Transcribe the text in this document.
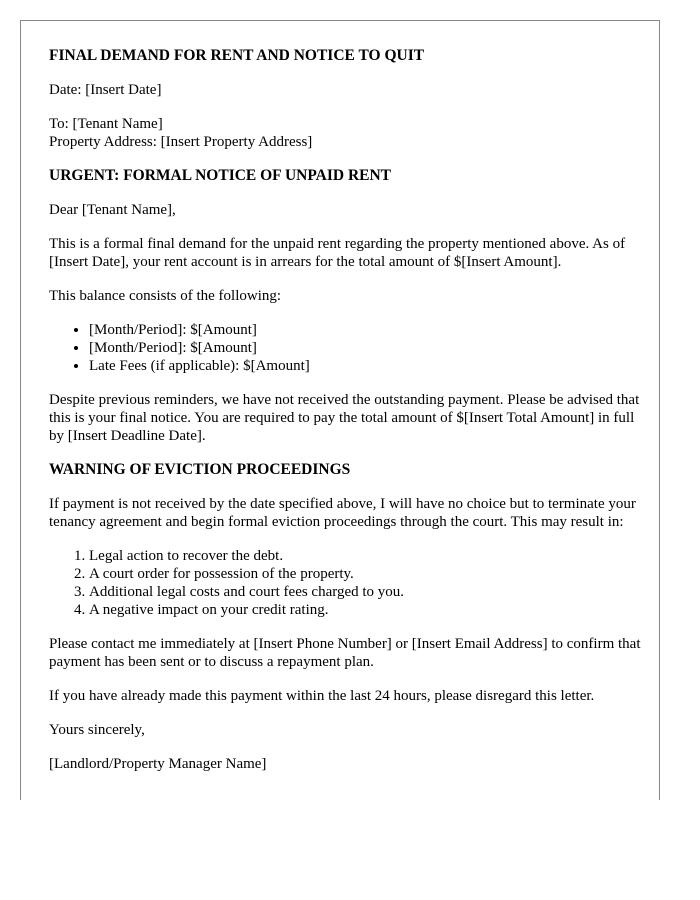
FINAL DEMAND FOR RENT AND NOTICE TO QUIT

Date: [Insert Date]

To: [Tenant Name]

Property Address: [Insert Property Address]

URGENT: FORMAL NOTICE OF UNPAID RENT

Dear [Tenant Name],

This is a formal final demand for the unpaid rent regarding the property mentioned above. As of [Insert Date], your rent account is in arrears for the total amount of $[Insert Amount].

This balance consists of the following:

• [Month/Period]: $[Amount]
• [Month/Period]: $[Amount]
• Late Fees (if applicable): $[Amount]

Despite previous reminders, we have not received the outstanding payment. Please be advised that this is your final notice. You are required to pay the total amount of $[Insert Total Amount] in full by [Insert Deadline Date].

WARNING OF EVICTION PROCEEDINGS

If payment is not received by the date specified above, I will have no choice but to terminate your tenancy agreement and begin formal eviction proceedings through the court. This may result in:

1. Legal action to recover the debt.
2. A court order for possession of the property.
3. Additional legal costs and court fees charged to you.
4. A negative impact on your credit rating.

Please contact me immediately at [Insert Phone Number] or [Insert Email Address] to confirm that payment has been sent or to discuss a repayment plan.

If you have already made this payment within the last 24 hours, please disregard this letter.

Yours sincerely,

[Landlord/Property Manager Name]
